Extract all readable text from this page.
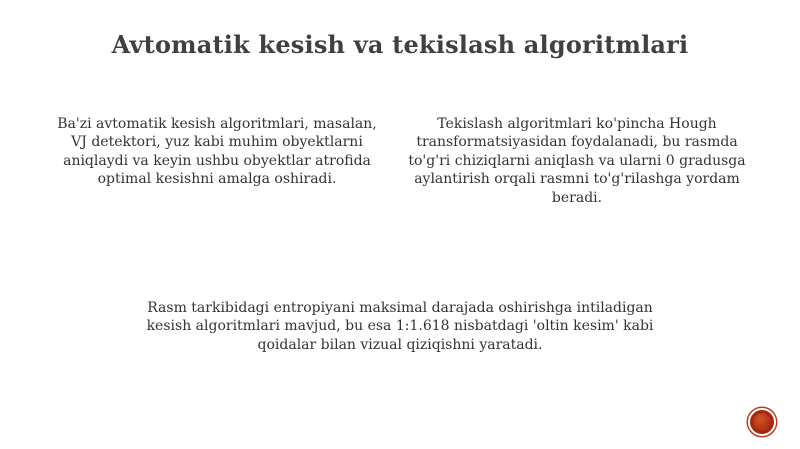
Avtomatik kesish va tekislash algoritmlari
Ba'zi avtomatik kesish algoritmlari, masalan, VJ detektori, yuz kabi muhim obyektlarni aniqlaydi va keyin ushbu obyektlar atrofida optimal kesishni amalga oshiradi.
Tekislash algoritmlari ko'pincha Hough transformatsiyasidan foydalanadi, bu rasmda to'g'ri chiziqlarni aniqlash va ularni 0 gradusga aylantirish orqali rasmni to'g'rilashga yordam beradi.
Rasm tarkibidagi entropiyani maksimal darajada oshirishga intiladigan kesish algoritmlari mavjud, bu esa 1:1.618 nisbatdagi 'oltin kesim' kabi qoidalar bilan vizual qiziqishni yaratadi.
